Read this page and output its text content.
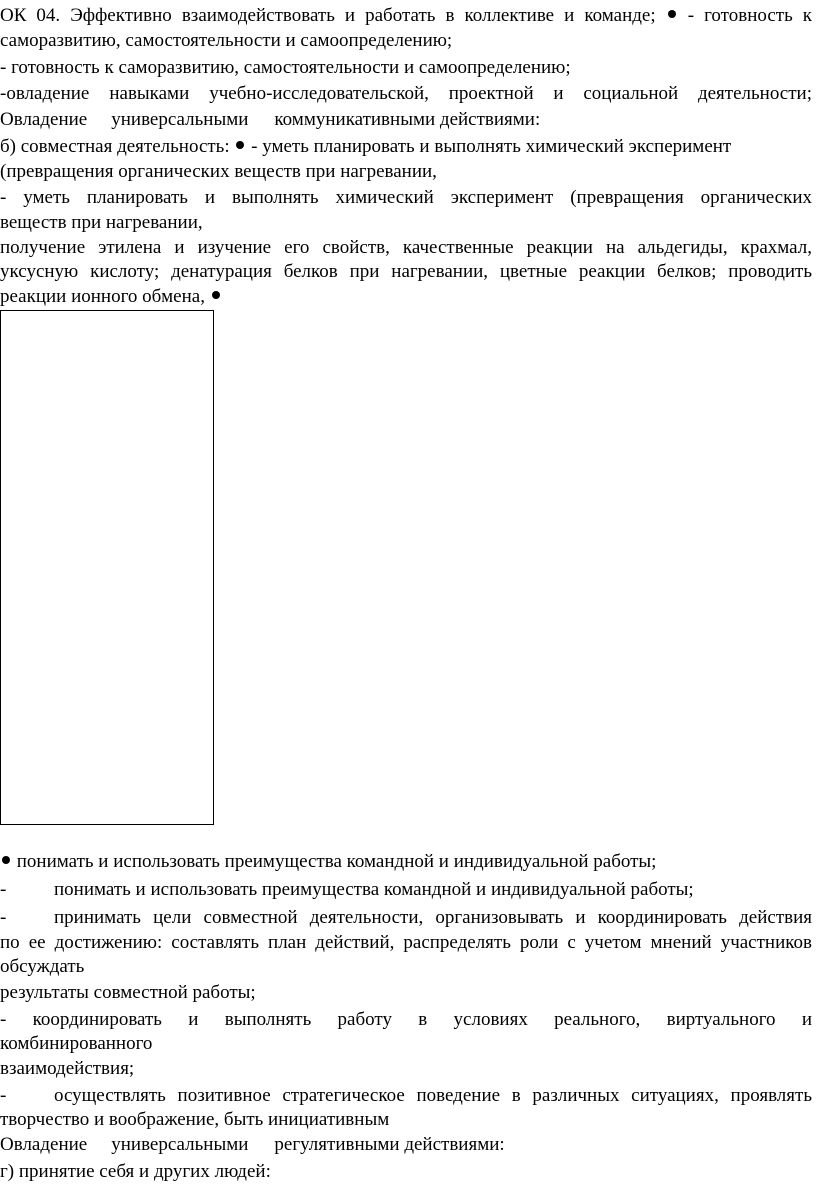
ОК 04. Эффективно взаимодействовать и работать в коллективе и команде; - готовность к
саморазвитию, самостоятельности и самоопределению;
- готовность к саморазвитию, самостоятельности и самоопределению;
-овладение навыками учебно-исследовательской, проектной и социальной деятельности;
Овладение универсальными коммуникативными действиями:
б) совместная деятельность: - уметь планировать и выполнять химический эксперимент
(превращения органических веществ при нагревании,
- уметь планировать и выполнять химический эксперимент (превращения органических
веществ при нагревании,
получение этилена и изучение его свойств, качественные реакции на альдегиды, крахмал,
уксусную кислоту; денатурация белков при нагревании, цветные реакции белков; проводить
реакции ионного обмена,
понимать и использовать преимущества командной и индивидуальной работы;
-	понимать и использовать преимущества командной и индивидуальной работы;
-	принимать цели совместной деятельности, организовывать и координировать действия
по ее достижению: составлять план действий, распределять роли с учетом мнений участников
обсуждать
результаты совместной работы;
- координировать и выполнять работу в условиях реального, виртуального и
комбинированного
взаимодействия;
-	осуществлять позитивное стратегическое поведение в различных ситуациях, проявлять
творчество и воображение, быть инициативным
Овладение универсальными регулятивными действиями:
г) принятие себя и других людей:
